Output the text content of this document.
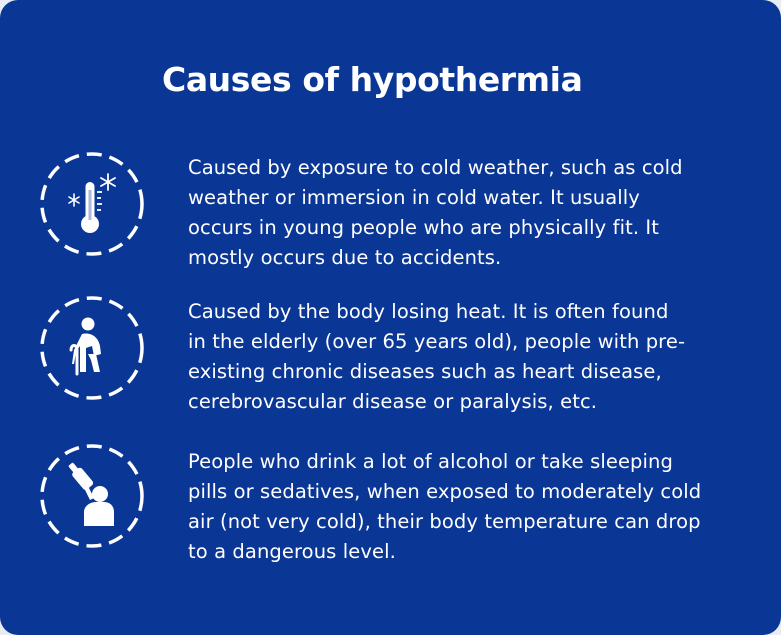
Causes of hypothermia

Caused by exposure to cold weather, such as cold
weather or immersion in cold water. It usually
occurs in young people who are physically fit. It
mostly occurs due to accidents.

Caused by the body losing heat. It is often found
in the elderly (over 65 years old), people with pre-
existing chronic diseases such as heart disease,
cerebrovascular disease or paralysis, etc.

People who drink a lot of alcohol or take sleeping
pills or sedatives, when exposed to moderately cold
air (not very cold), their body temperature can drop
to a dangerous level.
